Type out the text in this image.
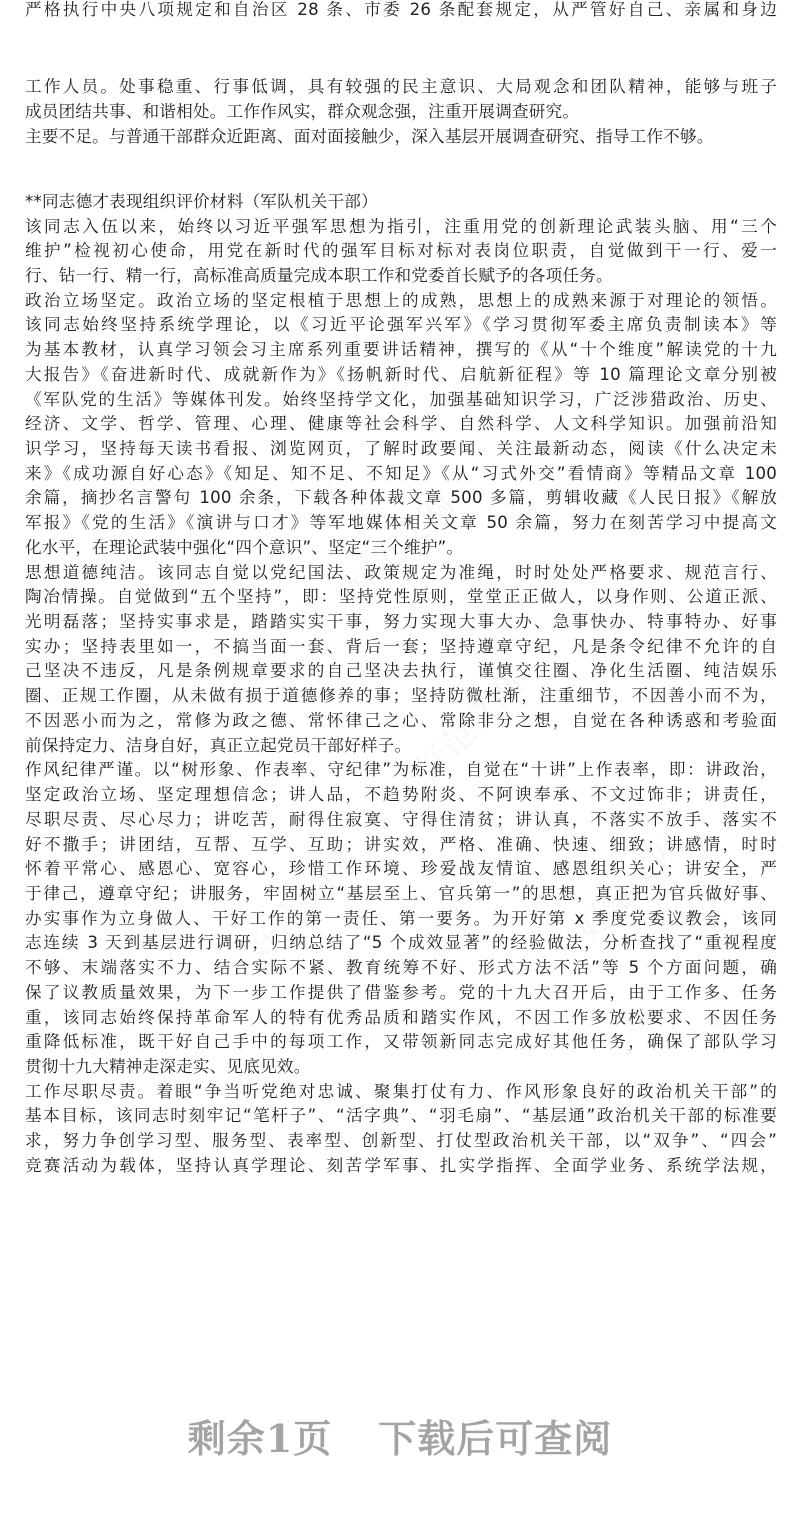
严格执行中央八项规定和自治区 28 条、市委 26 条配套规定，从严管好自己、亲属和身边
工作人员。处事稳重、行事低调，具有较强的民主意识、大局观念和团队精神，能够与班子
成员团结共事、和谐相处。工作作风实，群众观念强，注重开展调查研究。
主要不足。与普通干部群众近距离、面对面接触少，深入基层开展调查研究、指导工作不够。
**同志德才表现组织评价材料（军队机关干部）
该同志入伍以来，始终以习近平强军思想为指引，注重用党的创新理论武装头脑、用“三个
维护”检视初心使命，用党在新时代的强军目标对标对表岗位职责，自觉做到干一行、爱一
行、钻一行、精一行，高标准高质量完成本职工作和党委首长赋予的各项任务。
政治立场坚定。政治立场的坚定根植于思想上的成熟，思想上的成熟来源于对理论的领悟。
该同志始终坚持系统学理论，以《习近平论强军兴军》《学习贯彻军委主席负责制读本》等
为基本教材，认真学习领会习主席系列重要讲话精神，撰写的《从“十个维度”解读党的十九
大报告》《奋进新时代、成就新作为》《扬帆新时代、启航新征程》等 10 篇理论文章分别被
《军队党的生活》等媒体刊发。始终坚持学文化，加强基础知识学习，广泛涉猎政治、历史、
经济、文学、哲学、管理、心理、健康等社会科学、自然科学、人文科学知识。加强前沿知
识学习，坚持每天读书看报、浏览网页，了解时政要闻、关注最新动态，阅读《什么决定未
来》《成功源自好心态》《知足、知不足、不知足》《从“习式外交”看情商》等精品文章 100
余篇，摘抄名言警句 100 余条，下载各种体裁文章 500 多篇，剪辑收藏《人民日报》《解放
军报》《党的生活》《演讲与口才》等军地媒体相关文章 50 余篇，努力在刻苦学习中提高文
化水平，在理论武装中强化“四个意识”、坚定“三个维护”。
思想道德纯洁。该同志自觉以党纪国法、政策规定为准绳，时时处处严格要求、规范言行、
陶冶情操。自觉做到“五个坚持”，即：坚持党性原则，堂堂正正做人，以身作则、公道正派、
光明磊落；坚持实事求是，踏踏实实干事，努力实现大事大办、急事快办、特事特办、好事
实办；坚持表里如一，不搞当面一套、背后一套；坚持遵章守纪，凡是条令纪律不允许的自
己坚决不违反，凡是条例规章要求的自己坚决去执行，谨慎交往圈、净化生活圈、纯洁娱乐
圈、正规工作圈，从未做有损于道德修养的事；坚持防微杜渐，注重细节，不因善小而不为，
不因恶小而为之，常修为政之德、常怀律己之心、常除非分之想，自觉在各种诱惑和考验面
前保持定力、洁身自好，真正立起党员干部好样子。
作风纪律严谨。以“树形象、作表率、守纪律”为标准，自觉在“十讲”上作表率，即：讲政治，
坚定政治立场、坚定理想信念；讲人品，不趋势附炎、不阿谀奉承、不文过饰非；讲责任，
尽职尽责、尽心尽力；讲吃苦，耐得住寂寞、守得住清贫；讲认真，不落实不放手、落实不
好不撒手；讲团结，互帮、互学、互助；讲实效，严格、准确、快速、细致；讲感情，时时
怀着平常心、感恩心、宽容心，珍惜工作环境、珍爱战友情谊、感恩组织关心；讲安全，严
于律己，遵章守纪；讲服务，牢固树立“基层至上、官兵第一”的思想，真正把为官兵做好事、
办实事作为立身做人、干好工作的第一责任、第一要务。为开好第 x 季度党委议教会，该同
志连续 3 天到基层进行调研，归纳总结了“5 个成效显著”的经验做法，分析查找了“重视程度
不够、末端落实不力、结合实际不紧、教育统筹不好、形式方法不活”等 5 个方面问题，确
保了议教质量效果，为下一步工作提供了借鉴参考。党的十九大召开后，由于工作多、任务
重，该同志始终保持革命军人的特有优秀品质和踏实作风，不因工作多放松要求、不因任务
重降低标准，既干好自己手中的每项工作，又带领新同志完成好其他任务，确保了部队学习
贯彻十九大精神走深走实、见底见效。
工作尽职尽责。着眼“争当听党绝对忠诚、聚集打仗有力、作风形象良好的政治机关干部”的
基本目标，该同志时刻牢记“笔杆子”、“活字典”、“羽毛扇”、“基层通”政治机关干部的标准要
求，努力争创学习型、服务型、表率型、创新型、打仗型政治机关干部，以“双争”、“四会”
竞赛活动为载体，坚持认真学理论、刻苦学军事、扎实学指挥、全面学业务、系统学法规，
剩余1页 下载后可查阅
